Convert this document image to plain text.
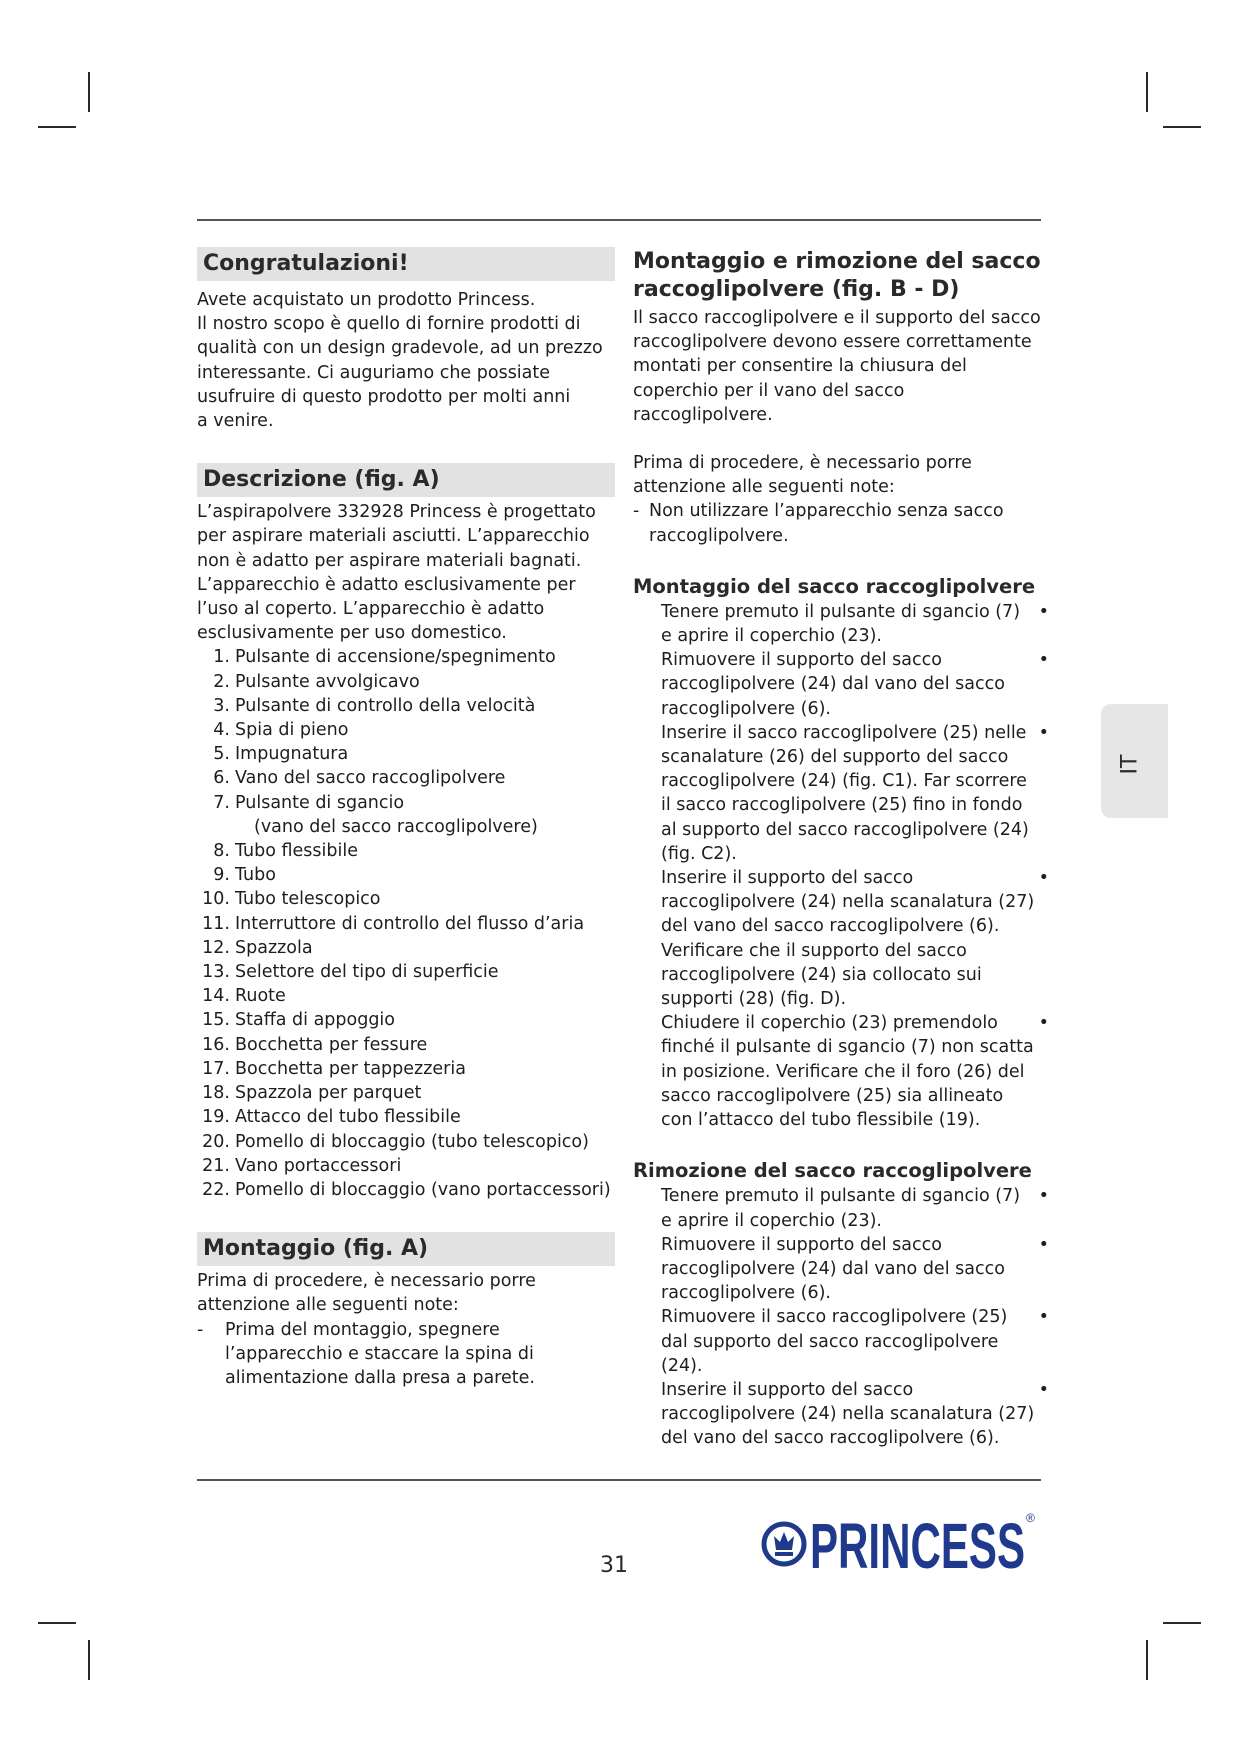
Congratulazioni!

Avete acquistato un prodotto Princess.

Il nostro scopo è quello di fornire prodotti di

qualità con un design gradevole, ad un prezzo

interessante. Ci auguriamo che possiate

usufruire di questo prodotto per molti anni

a venire.

Descrizione (fig. A)

L’aspirapolvere 332928 Princess è progettato

per aspirare materiali asciutti. L’apparecchio

non è adatto per aspirare materiali bagnati.

L’apparecchio è adatto esclusivamente per

l’uso al coperto. L’apparecchio è adatto

esclusivamente per uso domestico.

1. Pulsante di accensione/spegnimento
2. Pulsante avvolgicavo
3. Pulsante di controllo della velocità
4. Spia di pieno
5. Impugnatura
6. Vano del sacco raccoglipolvere
7. Pulsante di sgancio
(vano del sacco raccoglipolvere)
8. Tubo flessibile
9. Tubo
10. Tubo telescopico
11. Interruttore di controllo del flusso d’aria
12. Spazzola
13. Selettore del tipo di superficie
14. Ruote
15. Staffa di appoggio
16. Bocchetta per fessure
17. Bocchetta per tappezzeria
18. Spazzola per parquet
19. Attacco del tubo flessibile
20. Pomello di bloccaggio (tubo telescopico)
21. Vano portaccessori
22. Pomello di bloccaggio (vano portaccessori)
Montaggio (fig. A)

Prima di procedere, è necessario porre

attenzione alle seguenti note:

-	Prima del montaggio, spegnere l’apparecchio e staccare la spina di alimentazione dalla presa a parete.
Montaggio e rimozione del sacco raccoglipolvere (fig. B - D)

Il sacco raccoglipolvere e il supporto del sacco

raccoglipolvere devono essere correttamente

montati per consentire la chiusura del

coperchio per il vano del sacco raccoglipolvere.

Prima di procedere, è necessario porre

attenzione alle seguenti note:

- Non utilizzare l’apparecchio senza sacco raccoglipolvere.
Montaggio del sacco raccoglipolvere
Tenere premuto il pulsante di sgancio (7) e aprire il coperchio (23).
•
Rimuovere il supporto del sacco raccoglipolvere (24) dal vano del sacco raccoglipolvere (6).
•
Inserire il sacco raccoglipolvere (25) nelle scanalature (26) del supporto del sacco raccoglipolvere (24) (fig. C1). Far scorrere il sacco raccoglipolvere (25) fino in fondo al supporto del sacco raccoglipolvere (24) (fig. C2).
•
Inserire il supporto del sacco raccoglipolvere (24) nella scanalatura (27) del vano del sacco raccoglipolvere (6). Verificare che il supporto del sacco raccoglipolvere (24) sia collocato sui supporti (28) (fig. D).
•
Chiudere il coperchio (23) premendolo finché il pulsante di sgancio (7) non scatta in posizione. Verificare che il foro (26) del sacco raccoglipolvere (25) sia allineato con l’attacco del tubo flessibile (19).
•
Rimozione del sacco raccoglipolvere
Tenere premuto il pulsante di sgancio (7) e aprire il coperchio (23).
•
Rimuovere il supporto del sacco raccoglipolvere (24) dal vano del sacco raccoglipolvere (6).
•
Rimuovere il sacco raccoglipolvere (25) dal supporto del sacco raccoglipolvere (24).
•
Inserire il supporto del sacco raccoglipolvere (24) nella scanalatura (27) del vano del sacco raccoglipolvere (6).
•
IT
31	PRINCESS ®
